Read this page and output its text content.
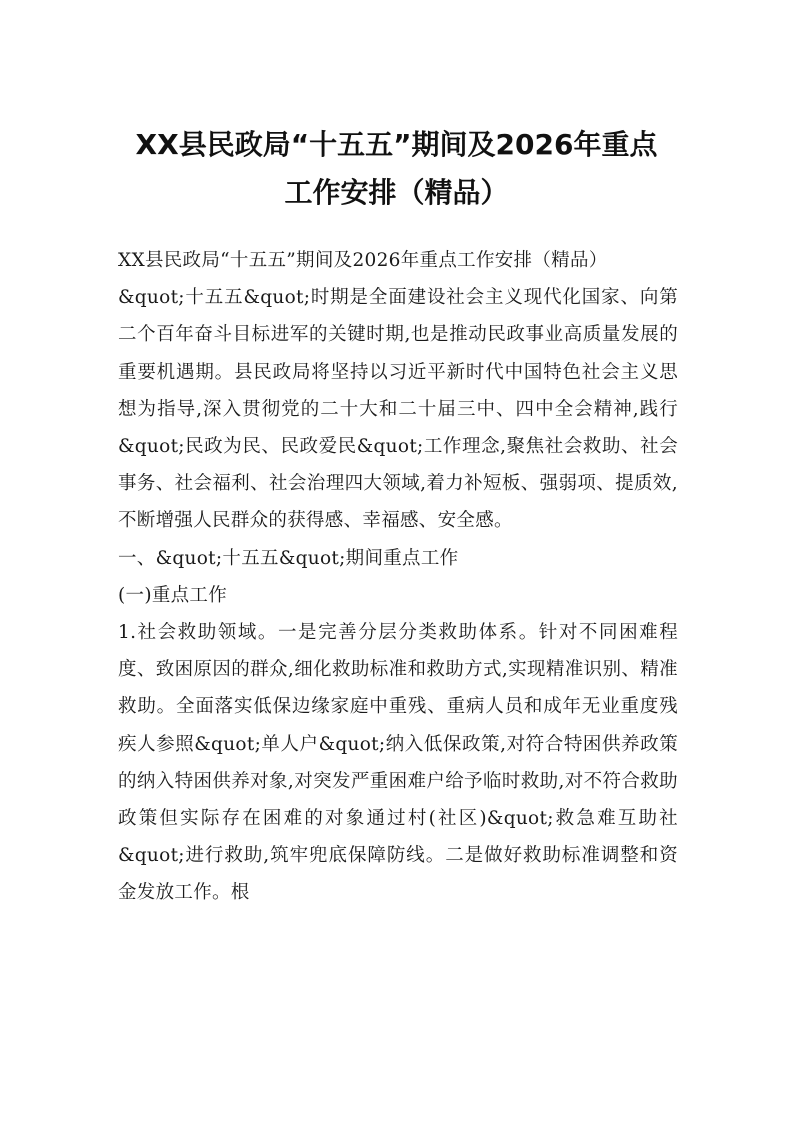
XX县民政局“十五五”期间及2026年重点
工作安排（精品）

XX县民政局“十五五”期间及2026年重点工作安排（精品）

&quot;十五五&quot;时期是全面建设社会主义现代化国家、向第二个百年奋斗目标进军的关键时期,也是推动民政事业高质量发展的重要机遇期。县民政局将坚持以习近平新时代中国特色社会主义思想为指导,深入贯彻党的二十大和二十届三中、四中全会精神,践行&quot;民政为民、民政爱民&quot;工作理念,聚焦社会救助、社会事务、社会福利、社会治理四大领域,着力补短板、强弱项、提质效,不断增强人民群众的获得感、幸福感、安全感。

一、&quot;十五五&quot;期间重点工作

(一)重点工作

1.社会救助领域。一是完善分层分类救助体系。针对不同困难程度、致困原因的群众,细化救助标准和救助方式,实现精准识别、精准救助。全面落实低保边缘家庭中重残、重病人员和成年无业重度残疾人参照&quot;单人户&quot;纳入低保政策,对符合特困供养政策的纳入特困供养对象,对突发严重困难户给予临时救助,对不符合救助政策但实际存在困难的对象通过村(社区)&quot;救急难互助社&quot;进行救助,筑牢兜底保障防线。二是做好救助标准调整和资金发放工作。根
